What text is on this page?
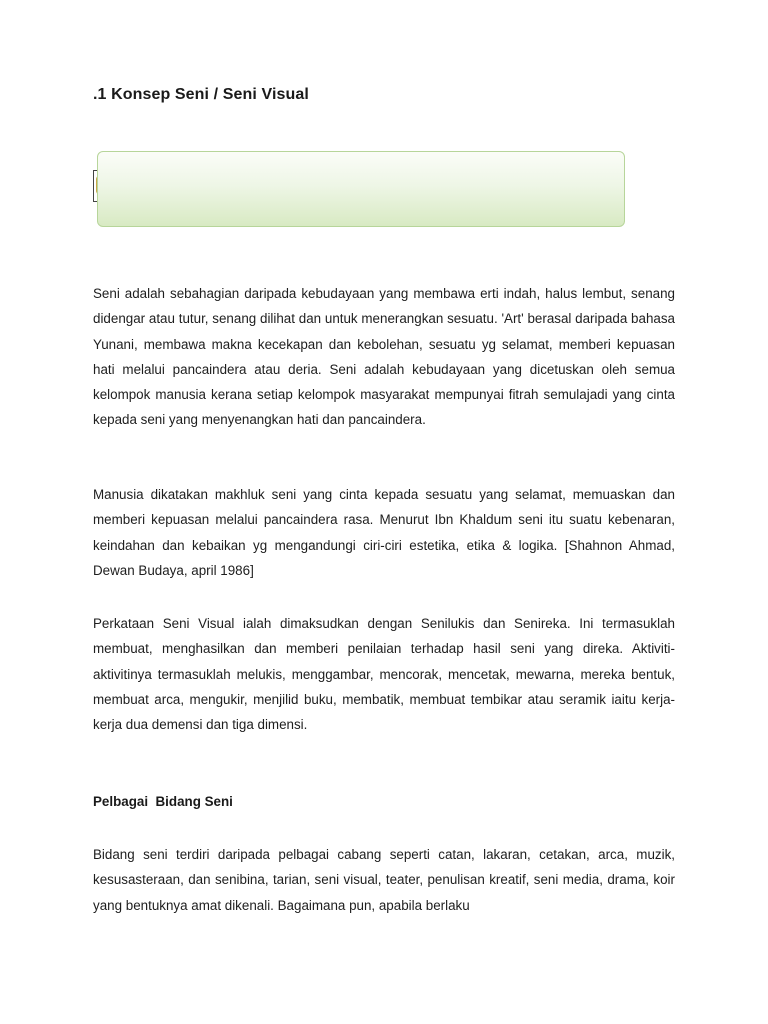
.1 Konsep Seni / Seni Visual

Seni adalah sebahagian daripada kebudayaan yang membawa erti indah, halus lembut, senang didengar atau tutur, senang dilihat dan untuk menerangkan sesuatu. 'Art' berasal daripada bahasa Yunani, membawa makna kecekapan dan kebolehan, sesuatu yg selamat, memberi kepuasan hati melalui pancaindera atau deria. Seni adalah kebudayaan yang dicetuskan oleh semua kelompok manusia kerana setiap kelompok masyarakat mempunyai fitrah semulajadi yang cinta kepada seni yang menyenangkan hati dan pancaindera.

Manusia dikatakan makhluk seni yang cinta kepada sesuatu yang selamat, memuaskan dan memberi kepuasan melalui pancaindera rasa. Menurut Ibn Khaldum seni itu suatu kebenaran, keindahan dan kebaikan yg mengandungi ciri-ciri estetika, etika & logika. [Shahnon Ahmad, Dewan Budaya, april 1986]

Perkataan Seni Visual ialah dimaksudkan dengan Senilukis dan Senireka. Ini termasuklah membuat, menghasilkan dan memberi penilaian terhadap hasil seni yang direka. Aktiviti-aktivitinya termasuklah melukis, menggambar, mencorak, mencetak, mewarna, mereka bentuk, membuat arca, mengukir, menjilid buku, membatik, membuat tembikar atau seramik iaitu kerja-kerja dua demensi dan tiga dimensi.

Pelbagai  Bidang Seni

Bidang seni terdiri daripada pelbagai cabang seperti catan, lakaran, cetakan, arca, muzik, kesusasteraan, dan senibina, tarian, seni visual, teater, penulisan kreatif, seni media, drama, koir yang bentuknya amat dikenali. Bagaimana pun, apabila berlaku
